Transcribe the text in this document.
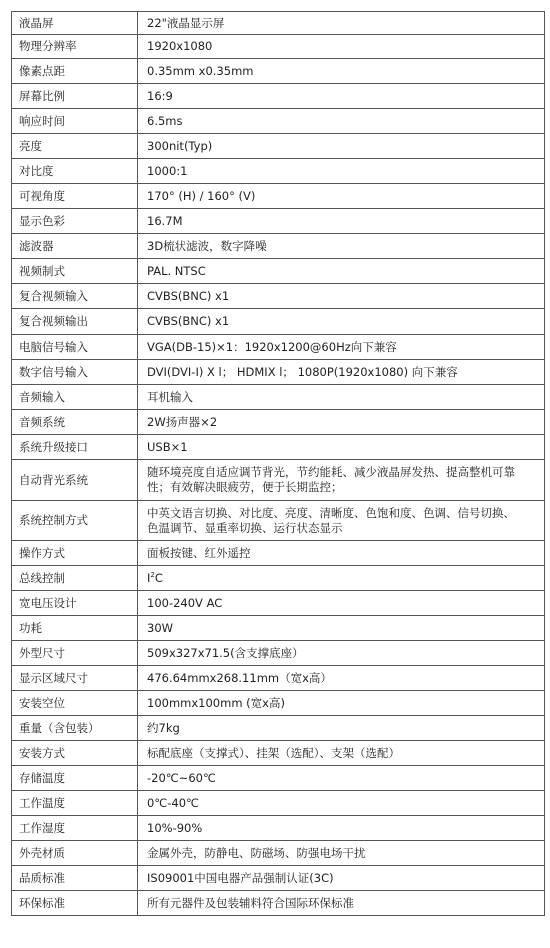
液晶屏	22"液晶显示屏
物理分辨率	1920x1080
像素点距	0.35mm x0.35mm
屏幕比例	16:9
响应时间	6.5ms
亮度	300nit(Typ)
对比度	1000:1
可视角度	170° (H) / 160° (V)
显示色彩	16.7M
滤波器	3D梳状滤波，数字降噪
视频制式	PAL. NTSC
复合视频输入	CVBS(BNC) x1
复合视频输出	CVBS(BNC) x1
电脑信号输入	VGA(DB-15)×1：1920x1200@60Hz向下兼容
数字信号输入	DVI(DVI-I) X l； HDMIX l； 1080P(1920x1080) 向下兼容
音频输入	耳机输入
音频系统	2W扬声器×2
系统升级接口	USB×1
自动背光系统	随环境亮度自适应调节背光，节约能耗、减少液晶屏发热、提高整机可靠
性；有效解决眼疲劳，便于长期监控；
系统控制方式	中英文语言切换、对比度、亮度、清晰度、色饱和度、色调、信号切换、
色温调节、显重率切换、运行状态显示
操作方式	面板按键、红外遥控
总线控制	$I^2C$
宽电压设计	100-240V AC
功耗	30W
外型尺寸	509x327x71.5(含支撑底座）
显示区域尺寸	476.64mmx268.11mm（宽x高）
安装空位	100mmx100mm (宽x高)
重量（含包装）	约7kg
安装方式	标配底座（支撑式）、挂架（选配）、支架（选配）
存储温度	-20℃~60℃
工作温度	0℃-40℃
工作湿度	10%-90%
外壳材质	金属外壳，防静电、防磁场、防强电场干扰
品质标准	IS09001中国电器产品强制认证(3C)
环保标准	所有元器件及包装辅料符合国际环保标准
